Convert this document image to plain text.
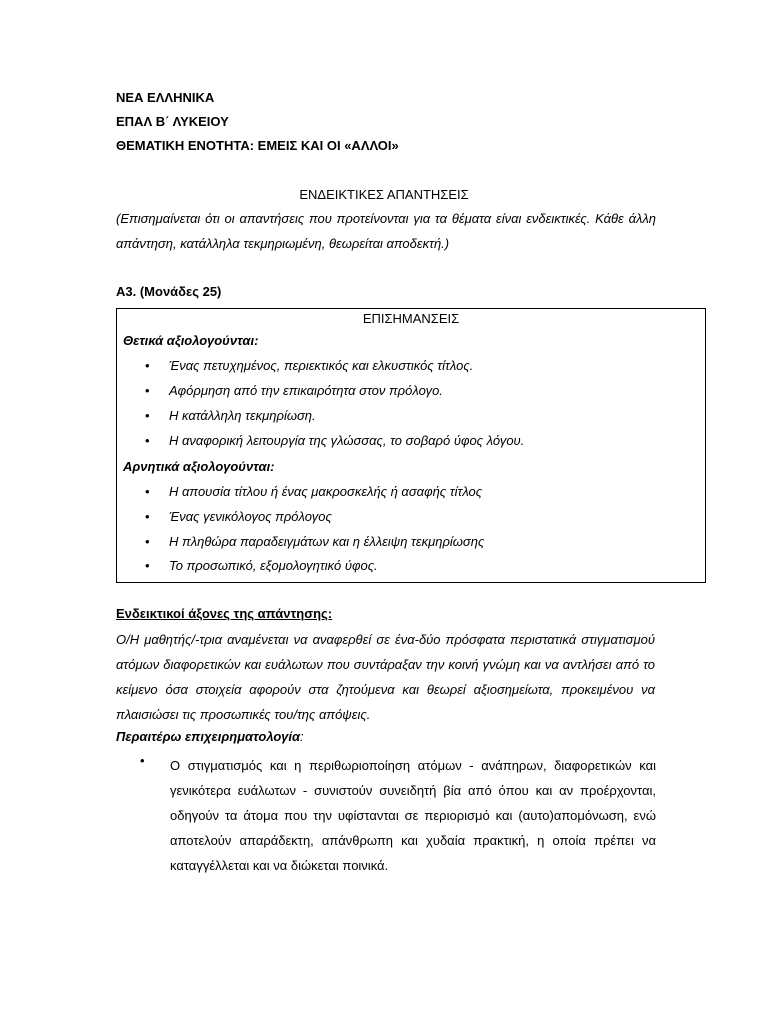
ΝΕΑ ΕΛΛΗΝΙΚΑ
ΕΠΑΛ Β΄ ΛΥΚΕΙΟΥ
ΘΕΜΑΤΙΚΗ ΕΝΟΤΗΤΑ: ΕΜΕΙΣ ΚΑΙ ΟΙ «ΑΛΛΟΙ»
ΕΝΔΕΙΚΤΙΚΕΣ ΑΠΑΝΤΗΣΕΙΣ
(Επισημαίνεται ότι οι απαντήσεις που προτείνονται για τα θέματα είναι ενδεικτικές. Κάθε άλλη απάντηση, κατάλληλα τεκμηριωμένη, θεωρείται αποδεκτή.)
Α3. (Μονάδες 25)
ΕΠΙΣΗΜΑΝΣΕΙΣ
Θετικά αξιολογούνται:
• Ένας πετυχημένος, περιεκτικός και ελκυστικός τίτλος.
• Αφόρμηση από την επικαιρότητα στον πρόλογο.
• Η κατάλληλη τεκμηρίωση.
• Η αναφορική λειτουργία της γλώσσας, το σοβαρό ύφος λόγου.
Αρνητικά αξιολογούνται:
• Η απουσία τίτλου ή ένας μακροσκελής ή ασαφής τίτλος
• Ένας γενικόλογος πρόλογος
• Η πληθώρα παραδειγμάτων και η έλλειψη τεκμηρίωσης
• Το προσωπικό, εξομολογητικό ύφος.
Ενδεικτικοί άξονες της απάντησης:
Ο/Η μαθητής/-τρια αναμένεται να αναφερθεί σε ένα-δύο πρόσφατα περιστατικά στιγματισμού ατόμων διαφορετικών και ευάλωτων που συντάραξαν την κοινή γνώμη και να αντλήσει από το κείμενο όσα στοιχεία αφορούν στα ζητούμενα και θεωρεί αξιοσημείωτα, προκειμένου να πλαισιώσει τις προσωπικές του/της απόψεις.
Περαιτέρω επιχειρηματολογία:
• Ο στιγματισμός και η περιθωριοποίηση ατόμων - ανάπηρων, διαφορετικών και γενικότερα ευάλωτων - συνιστούν συνειδητή βία από όπου και αν προέρχονται, οδηγούν τα άτομα που την υφίστανται σε περιορισμό και (αυτο)απομόνωση, ενώ αποτελούν απαράδεκτη, απάνθρωπη και χυδαία πρακτική, η οποία πρέπει να καταγγέλλεται και να διώκεται ποινικά.
